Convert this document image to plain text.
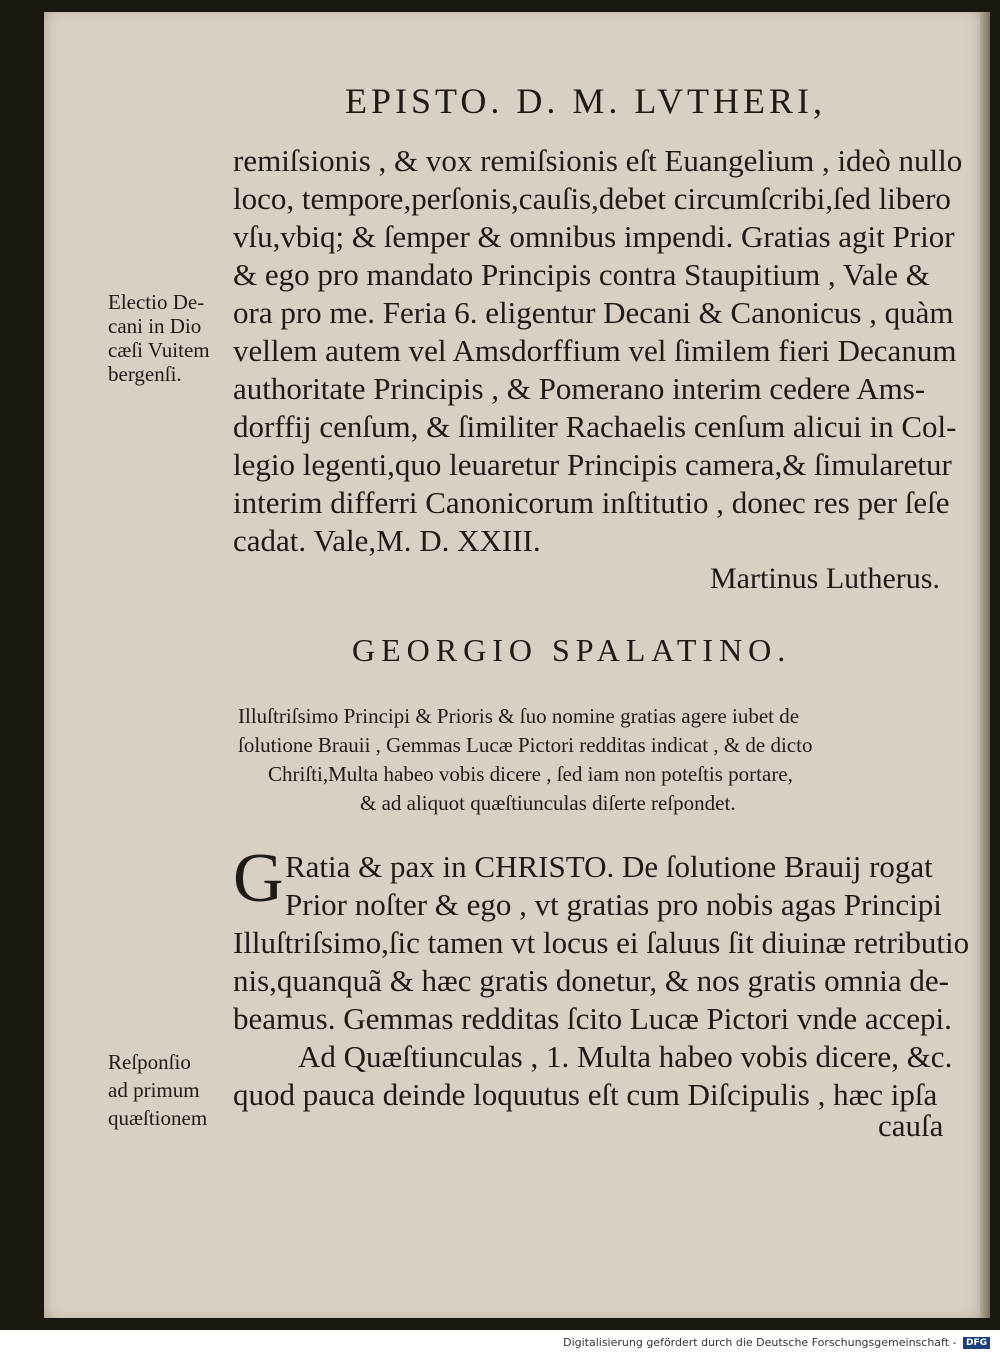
EPISTO. D. M. LVTHERI,
remiſsionis , & vox remiſsionis eſt Euangelium , ideò nullo
loco, tempore,perſonis,cauſis,debet circumſcribi,ſed libero
vſu,vbiq; & ſemper & omnibus impendi. Gratias agit Prior
& ego pro mandato Principis contra Staupitium , Vale &
ora pro me. Feria 6. eligentur Decani & Canonicus , quàm
vellem autem vel Amsdorffium vel ſimilem fieri Decanum
authoritate Principis , & Pomerano interim cedere Ams-
dorffij cenſum, & ſimiliter Rachaelis cenſum alicui in Col-
legio legenti,quo leuaretur Principis camera,& ſimularetur
interim differri Canonicorum inſtitutio , donec res per ſeſe
cadat. Vale,M. D. XXIII.
Electio De-
cani in Dio
cæſi Vuitem
bergenſi.
Martinus Lutherus.
GEORGIO SPALATINO.
Illuſtriſsimo Principi & Prioris & ſuo nomine gratias agere iubet de
ſolutione Brauii , Gemmas Lucæ Pictori redditas indicat , & de dicto
Chriſti,Multa habeo vobis dicere , ſed iam non poteſtis portare,
& ad aliquot quæſtiunculas diſerte reſpondet.
G Ratia & pax in CHRISTO. De ſolutione Brauij rogat
Prior noſter & ego , vt gratias pro nobis agas Principi
Illuſtriſsimo,ſic tamen vt locus ei ſaluus ſit diuinæ retributio
nis,quanquã & hæc gratis donetur, & nos gratis omnia de-
beamus. Gemmas redditas ſcito Lucæ Pictori vnde accepi.
Ad Quæſtiunculas , 1. Multa habeo vobis dicere, &c.
quod pauca deinde loquutus eſt cum Diſcipulis , hæc ipſa
Reſponſio
ad primum
quæſtionem	cauſa
Digitalisierung gefördert durch die Deutsche Forschungsgemeinschaft - DFG
